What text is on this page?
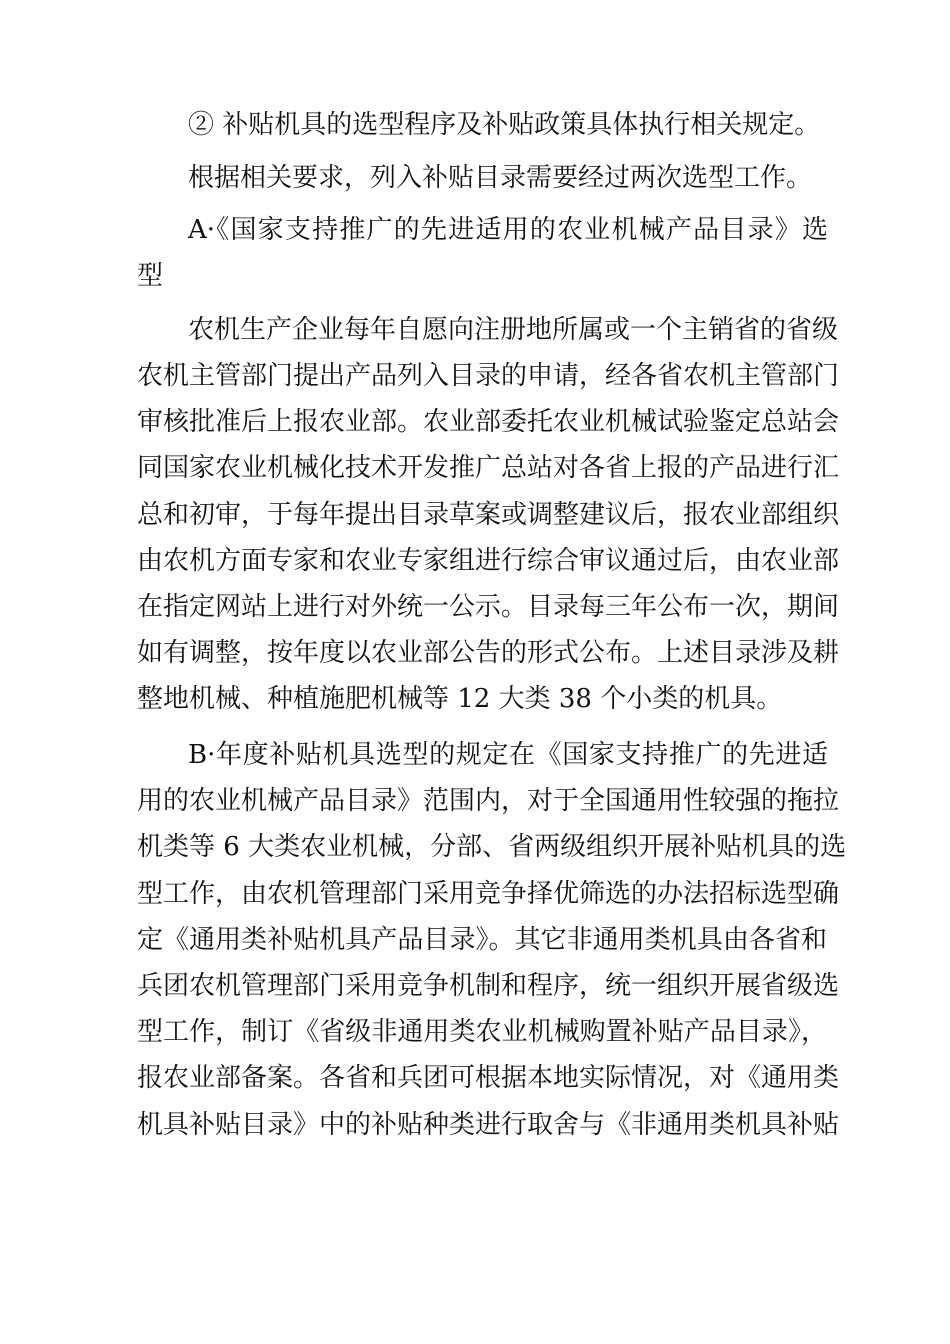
② 补贴机具的选型程序及补贴政策具体执行相关规定。
根据相关要求，列入补贴目录需要经过两次选型工作。
A·《国家支持推广的先进适用的农业机械产品目录》选
型
农机生产企业每年自愿向注册地所属或一个主销省的省级
农机主管部门提出产品列入目录的申请，经各省农机主管部门
审核批准后上报农业部。农业部委托农业机械试验鉴定总站会
同国家农业机械化技术开发推广总站对各省上报的产品进行汇
总和初审，于每年提出目录草案或调整建议后，报农业部组织
由农机方面专家和农业专家组进行综合审议通过后，由农业部
在指定网站上进行对外统一公示。目录每三年公布一次，期间
如有调整，按年度以农业部公告的形式公布。上述目录涉及耕
整地机械、种植施肥机械等 12 大类 38 个小类的机具。
B·年度补贴机具选型的规定在《国家支持推广的先进适
用的农业机械产品目录》范围内，对于全国通用性较强的拖拉
机类等 6 大类农业机械，分部、省两级组织开展补贴机具的选
型工作，由农机管理部门采用竞争择优筛选的办法招标选型确
定《通用类补贴机具产品目录》。其它非通用类机具由各省和
兵团农机管理部门采用竞争机制和程序，统一组织开展省级选
型工作，制订《省级非通用类农业机械购置补贴产品目录》，
报农业部备案。各省和兵团可根据本地实际情况，对《通用类
机具补贴目录》中的补贴种类进行取舍与《非通用类机具补贴
